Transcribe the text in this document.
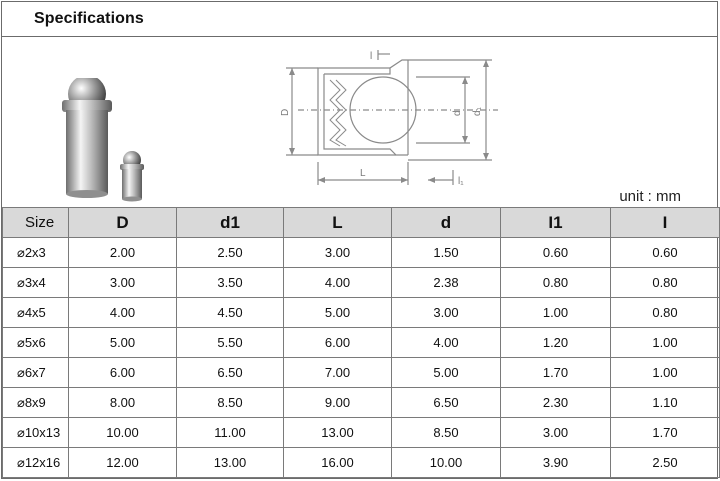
Specifications
D	d d₁
L
l₁
l
unit : mm
Size	D	d1	L	d	I1	I
⌀2x3	2.00	2.50	3.00	1.50	0.60	0.60
⌀3x4	3.00	3.50	4.00	2.38	0.80	0.80
⌀4x5	4.00	4.50	5.00	3.00	1.00	0.80
⌀5x6	5.00	5.50	6.00	4.00	1.20	1.00
⌀6x7	6.00	6.50	7.00	5.00	1.70	1.00
⌀8x9	8.00	8.50	9.00	6.50	2.30	1.10
⌀10x13	10.00	11.00	13.00	8.50	3.00	1.70
⌀12x16	12.00	13.00	16.00	10.00	3.90	2.50
